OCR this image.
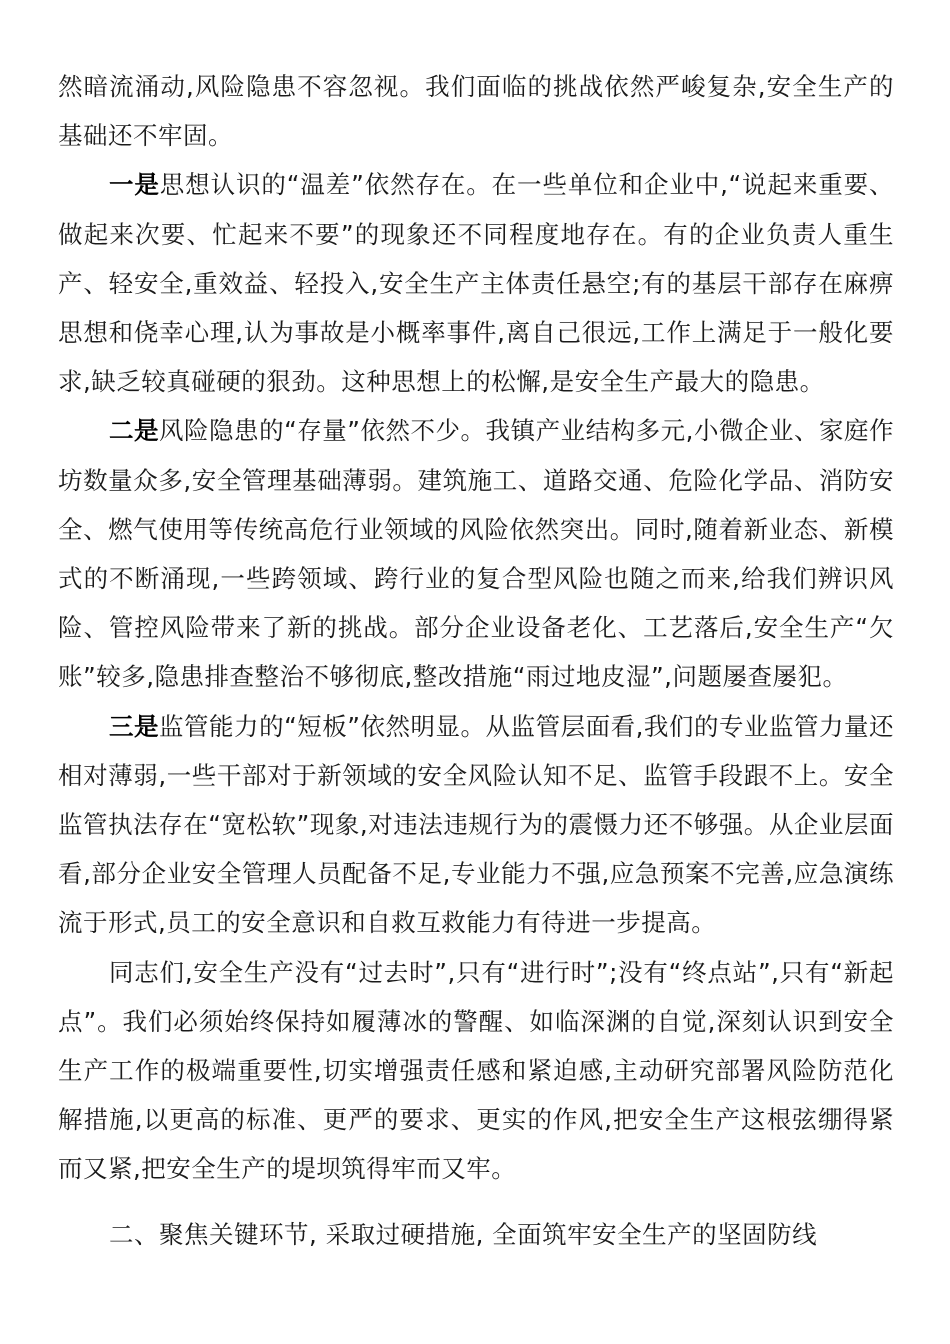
然暗流涌动,风险隐患不容忽视。我们面临的挑战依然严峻复杂,安全生产的基础还不牢固。

一是思想认识的“温差”依然存在。在一些单位和企业中,“说起来重要、做起来次要、忙起来不要”的现象还不同程度地存在。有的企业负责人重生产、轻安全,重效益、轻投入,安全生产主体责任悬空;有的基层干部存在麻痹思想和侥幸心理,认为事故是小概率事件,离自己很远,工作上满足于一般化要求,缺乏较真碰硬的狠劲。这种思想上的松懈,是安全生产最大的隐患。

二是风险隐患的“存量”依然不少。我镇产业结构多元,小微企业、家庭作坊数量众多,安全管理基础薄弱。建筑施工、道路交通、危险化学品、消防安全、燃气使用等传统高危行业领域的风险依然突出。同时,随着新业态、新模式的不断涌现,一些跨领域、跨行业的复合型风险也随之而来,给我们辨识风险、管控风险带来了新的挑战。部分企业设备老化、工艺落后,安全生产“欠账”较多,隐患排查整治不够彻底,整改措施“雨过地皮湿”,问题屡查屡犯。

三是监管能力的“短板”依然明显。从监管层面看,我们的专业监管力量还相对薄弱,一些干部对于新领域的安全风险认知不足、监管手段跟不上。安全监管执法存在“宽松软”现象,对违法违规行为的震慑力还不够强。从企业层面看,部分企业安全管理人员配备不足,专业能力不强,应急预案不完善,应急演练流于形式,员工的安全意识和自救互救能力有待进一步提高。

同志们,安全生产没有“过去时”,只有“进行时”;没有“终点站”,只有“新起点”。我们必须始终保持如履薄冰的警醒、如临深渊的自觉,深刻认识到安全生产工作的极端重要性,切实增强责任感和紧迫感,主动研究部署风险防范化解措施,以更高的标准、更严的要求、更实的作风,把安全生产这根弦绷得紧而又紧,把安全生产的堤坝筑得牢而又牢。

二、聚焦关键环节, 采取过硬措施, 全面筑牢安全生产的坚固防线
